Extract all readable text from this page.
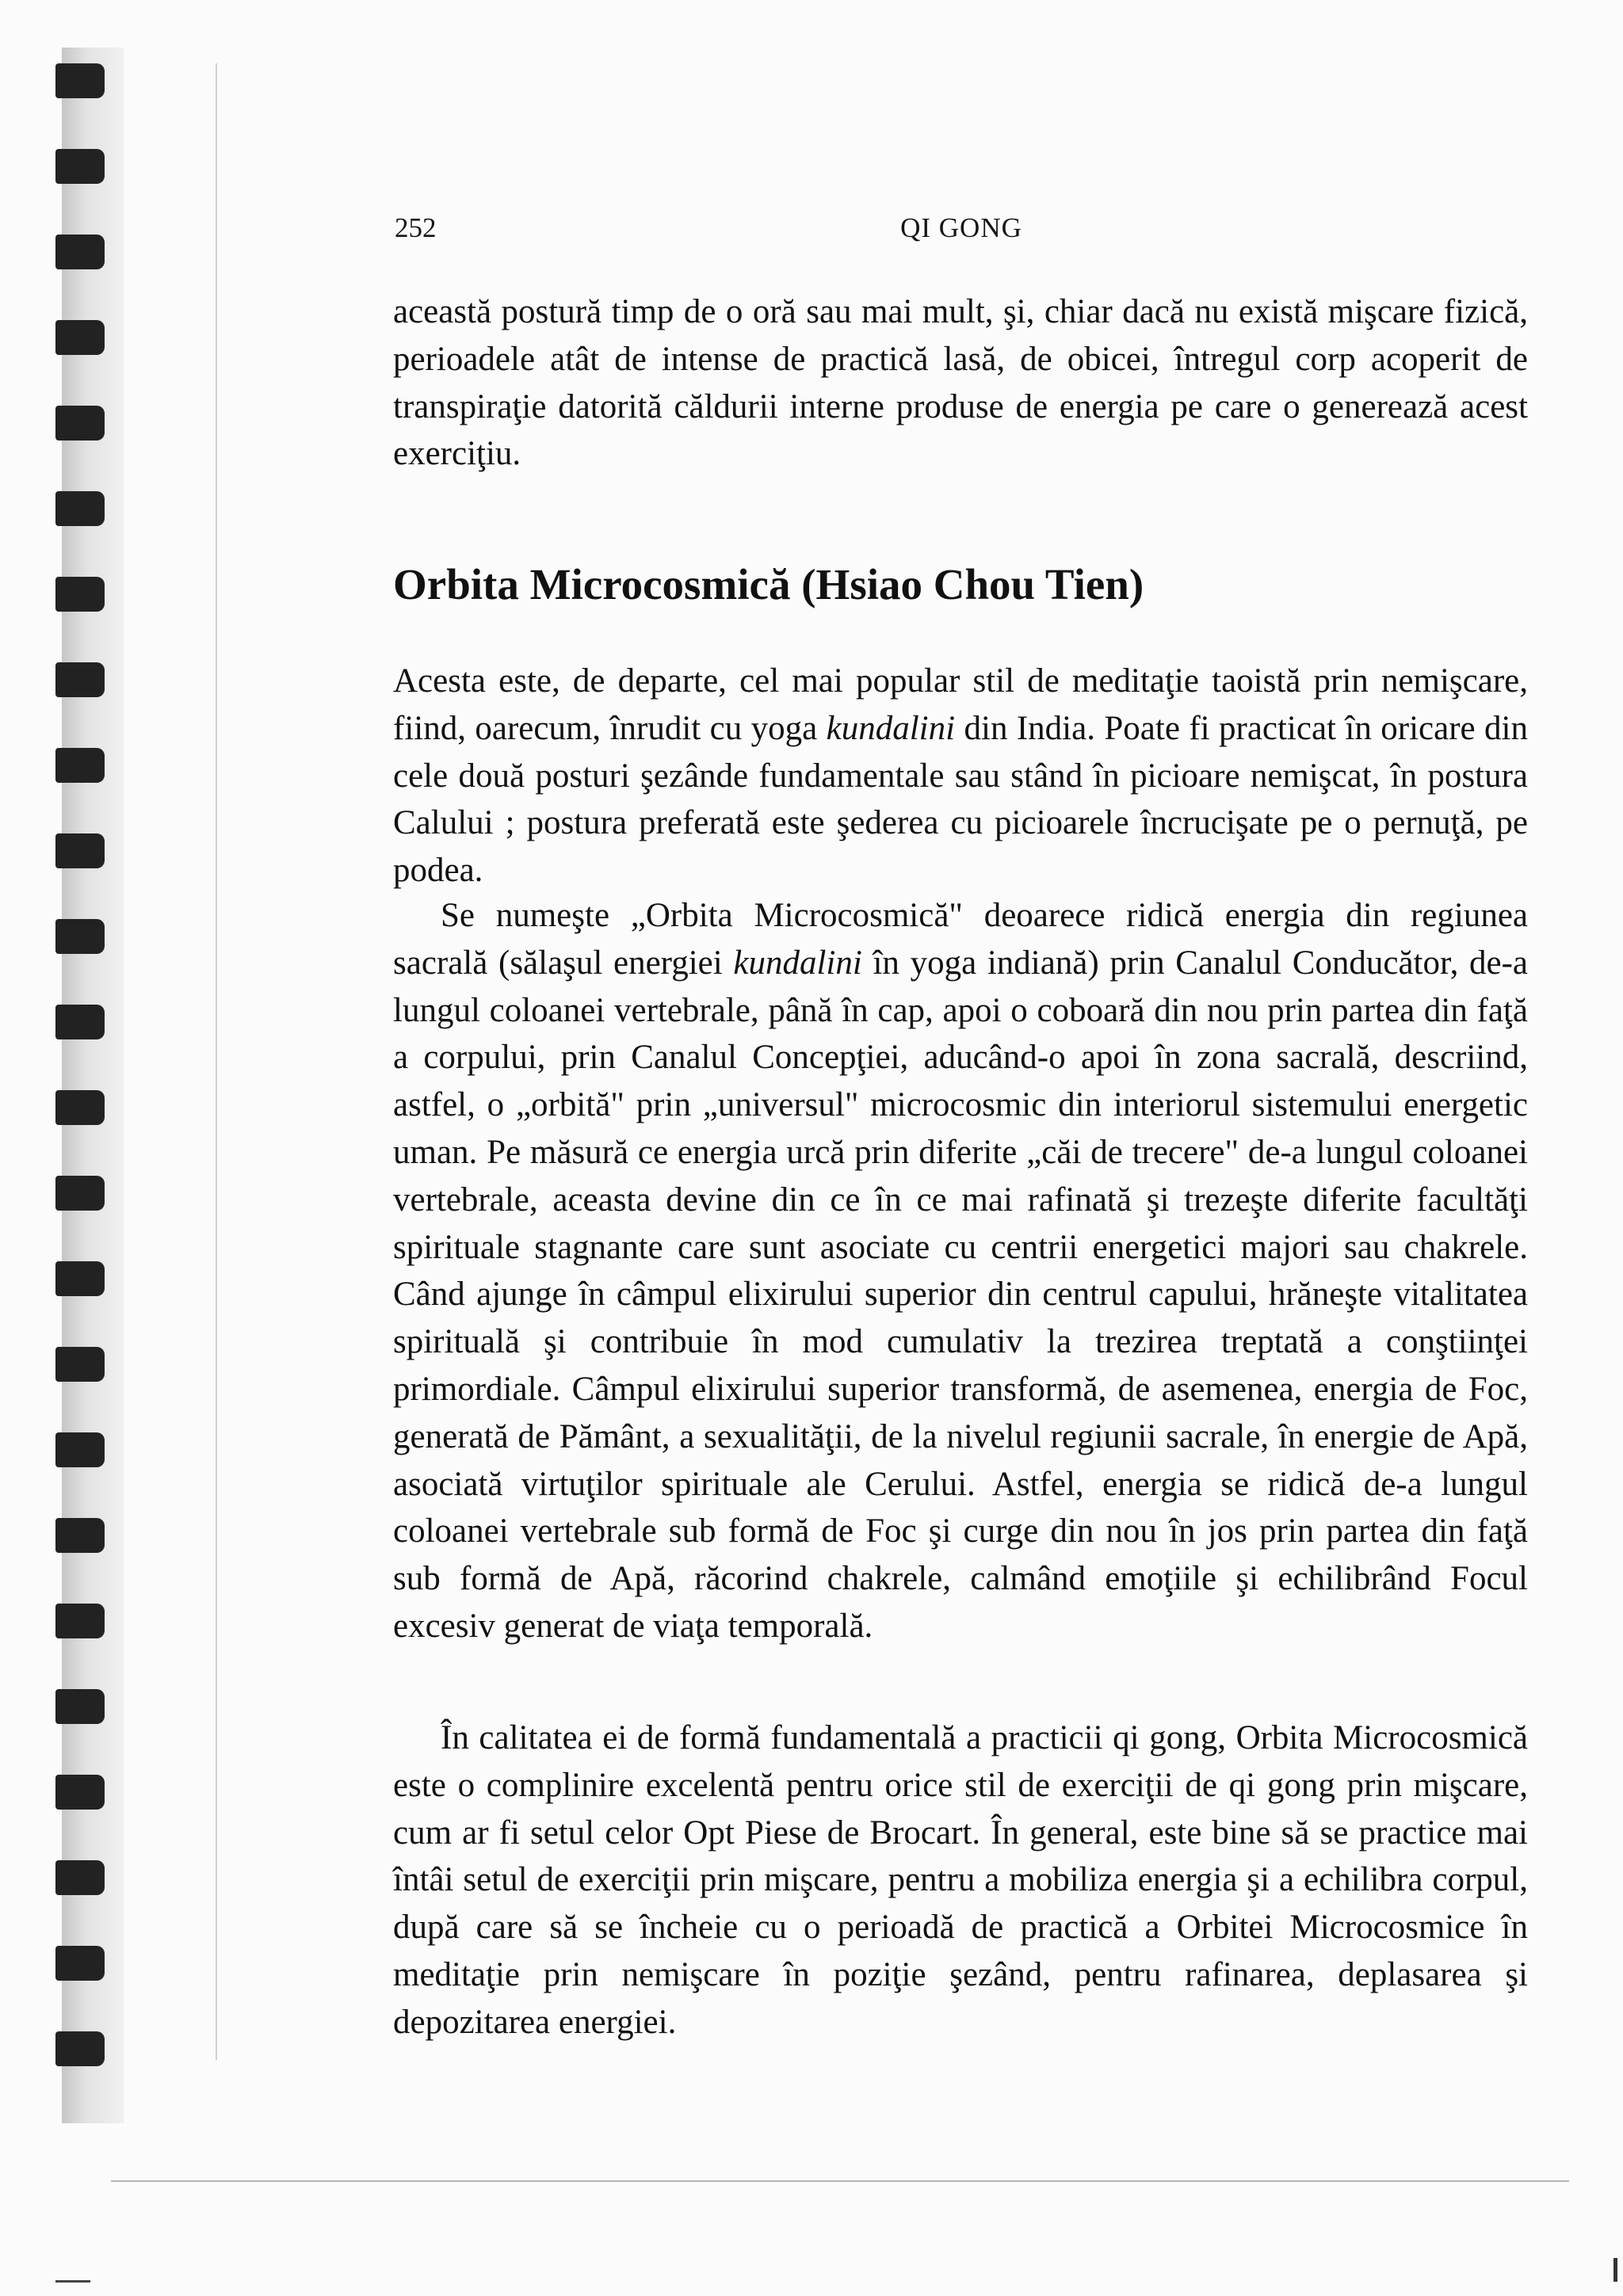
252	QI GONG

această postură timp de o oră sau mai mult, şi, chiar dacă nu există mişcare fizică, perioadele atât de intense de practică lasă, de obicei, întregul corp acoperit de transpiraţie datorită căldurii interne produse de energia pe care o generează acest exerciţiu.

Orbita Microcosmică (Hsiao Chou Tien)

Acesta este, de departe, cel mai popular stil de meditaţie taoistă prin nemişcare, fiind, oarecum, înrudit cu yoga kundalini din India. Poate fi practicat în oricare din cele două posturi şezânde fundamentale sau stând în picioare nemişcat, în postura Calului ; postura preferată este şederea cu picioarele încrucişate pe o pernuţă, pe podea.

Se numeşte „Orbita Microcosmică" deoarece ridică energia din regiunea sacrală (sălaşul energiei kundalini în yoga indiană) prin Canalul Conducător, de-a lungul coloanei vertebrale, până în cap, apoi o coboară din nou prin partea din faţă a corpului, prin Canalul Concepţiei, aducând-o apoi în zona sacrală, descriind, astfel, o „orbită" prin „universul" microcosmic din interiorul sistemului energetic uman. Pe măsură ce energia urcă prin diferite „căi de trecere" de-a lungul coloanei vertebrale, aceasta devine din ce în ce mai rafinată şi trezeşte diferite facultăţi spirituale stagnante care sunt asociate cu centrii energetici majori sau chakrele. Când ajunge în câmpul elixirului superior din centrul capului, hrăneşte vitalitatea spirituală şi contribuie în mod cumulativ la trezirea treptată a conştiinţei primordiale. Câmpul elixirului superior transformă, de asemenea, energia de Foc, generată de Pământ, a sexualităţii, de la nivelul regiunii sacrale, în energie de Apă, asociată virtuţilor spirituale ale Cerului. Astfel, energia se ridică de-a lungul coloanei vertebrale sub formă de Foc şi curge din nou în jos prin partea din faţă sub formă de Apă, răcorind chakrele, calmând emoţiile şi echilibrând Focul excesiv generat de viaţa temporală.

În calitatea ei de formă fundamentală a practicii qi gong, Orbita Microcosmică este o complinire excelentă pentru orice stil de exerciţii de qi gong prin mişcare, cum ar fi setul celor Opt Piese de Brocart. În general, este bine să se practice mai întâi setul de exerciţii prin mişcare, pentru a mobiliza energia şi a echilibra corpul, după care să se încheie cu o perioadă de practică a Orbitei Microcosmice în meditaţie prin nemişcare în poziţie şezând, pentru rafinarea, deplasarea şi depozitarea energiei.
